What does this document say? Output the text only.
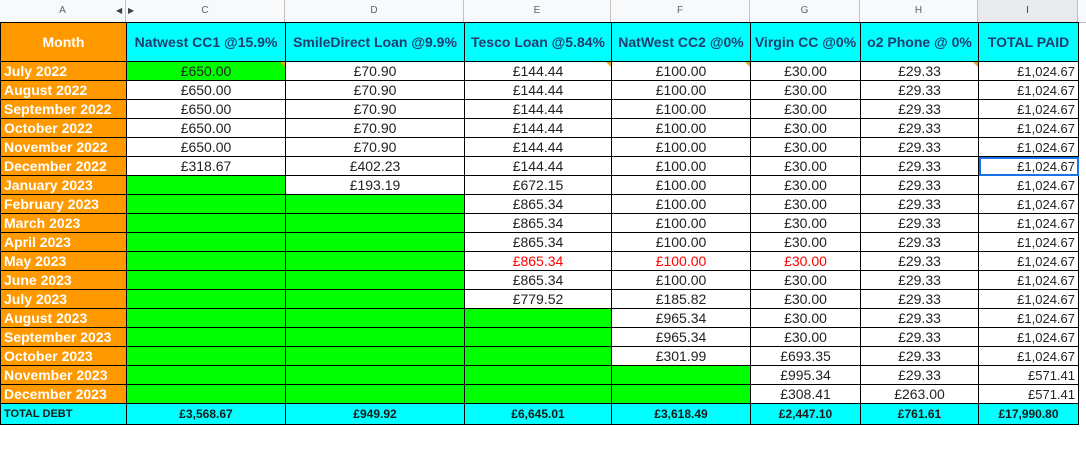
A	◀ ▶	C	D	E	F	G	H	I
Month	Natwest CC1 @15.9%	SmileDirect Loan @9.9%	Tesco Loan @5.84%	NatWest CC2 @0%	Virgin CC @0%	o2 Phone @ 0%	TOTAL PAID
July 2022	£650.00	£70.90	£144.44	£100.00	£30.00	£29.33	£1,024.67
August 2022	£650.00	£70.90	£144.44	£100.00	£30.00	£29.33	£1,024.67
September 2022	£650.00	£70.90	£144.44	£100.00	£30.00	£29.33	£1,024.67
October 2022	£650.00	£70.90	£144.44	£100.00	£30.00	£29.33	£1,024.67
November 2022	£650.00	£70.90	£144.44	£100.00	£30.00	£29.33	£1,024.67
December 2022	£318.67	£402.23	£144.44	£100.00	£30.00	£29.33	£1,024.67
January 2023		£193.19	£672.15	£100.00	£30.00	£29.33	£1,024.67
February 2023			£865.34	£100.00	£30.00	£29.33	£1,024.67
March 2023			£865.34	£100.00	£30.00	£29.33	£1,024.67
April 2023			£865.34	£100.00	£30.00	£29.33	£1,024.67
May 2023			£865.34	£100.00	£30.00	£29.33	£1,024.67
June 2023			£865.34	£100.00	£30.00	£29.33	£1,024.67
July 2023			£779.52	£185.82	£30.00	£29.33	£1,024.67
August 2023				£965.34	£30.00	£29.33	£1,024.67
September 2023				£965.34	£30.00	£29.33	£1,024.67
October 2023				£301.99	£693.35	£29.33	£1,024.67
November 2023					£995.34	£29.33	£571.41
December 2023					£308.41	£263.00	£571.41
TOTAL DEBT	£3,568.67	£949.92	£6,645.01	£3,618.49	£2,447.10	£761.61	£17,990.80
